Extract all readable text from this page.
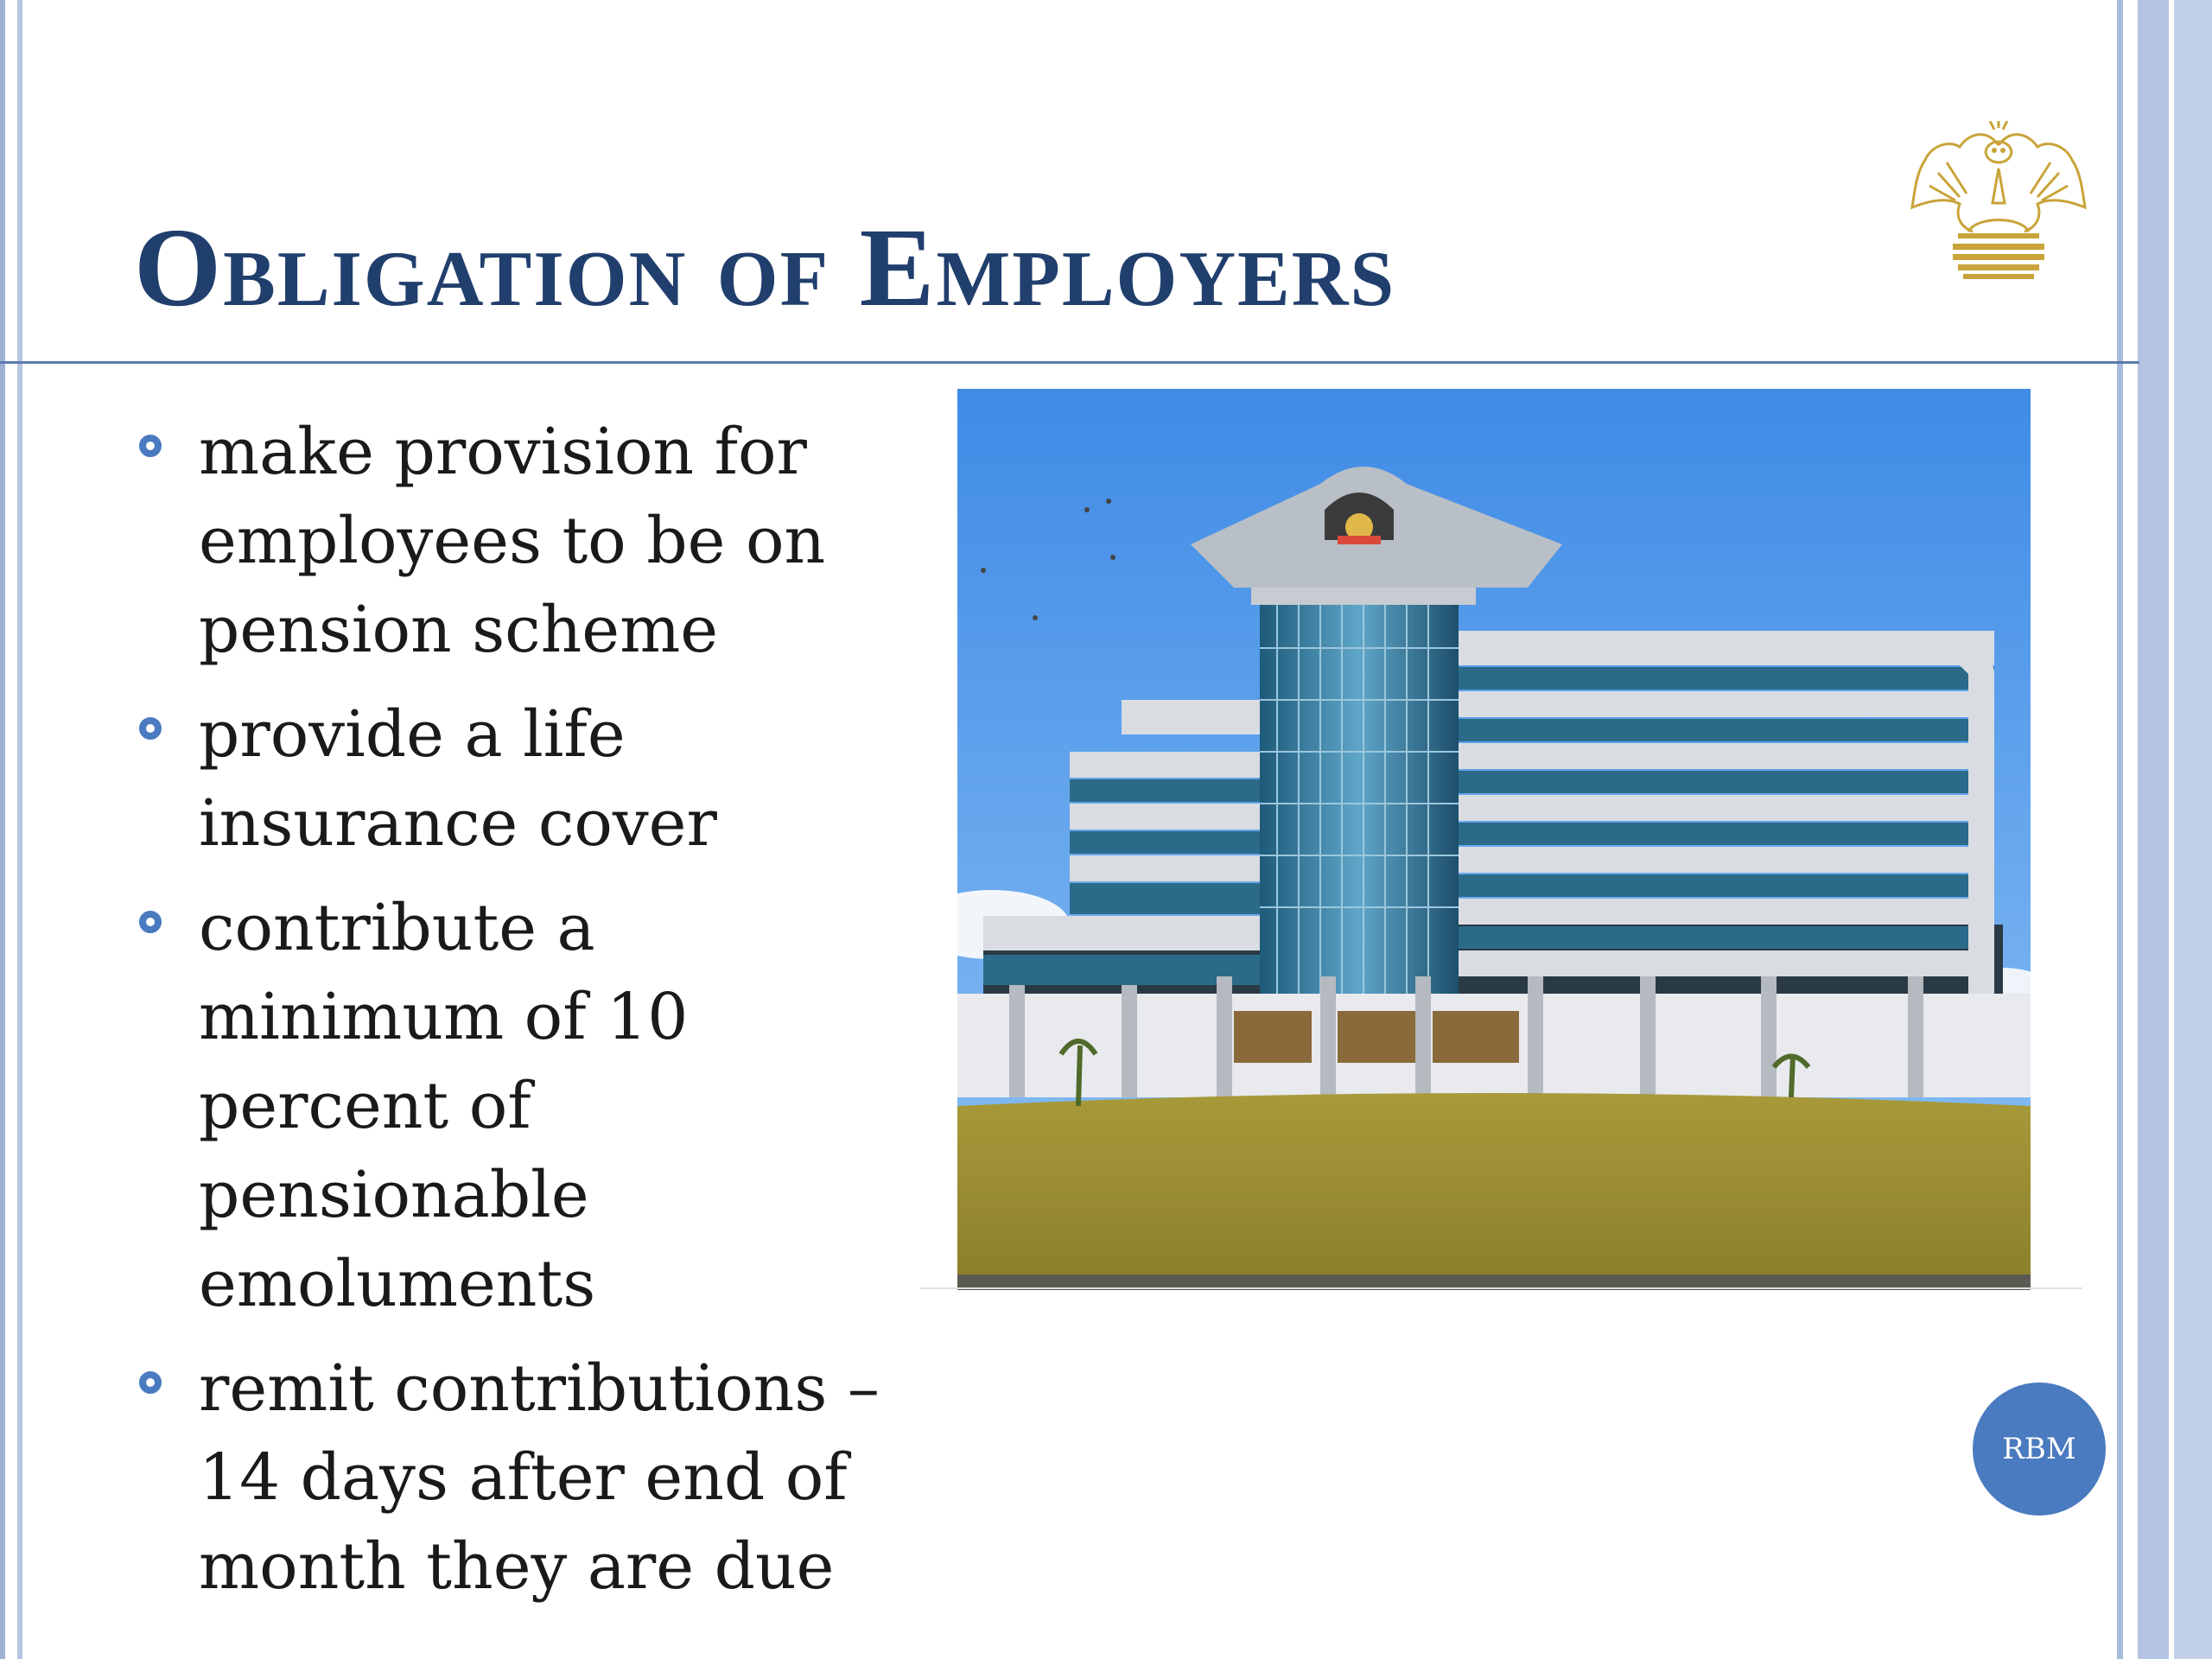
Obligation of Employers
make provision for
employees to be on
pension scheme
provide a life
insurance cover
contribute a
minimum of 10
percent of
pensionable
emoluments
remit contributions –
14 days after end of
month they are due
RBM
